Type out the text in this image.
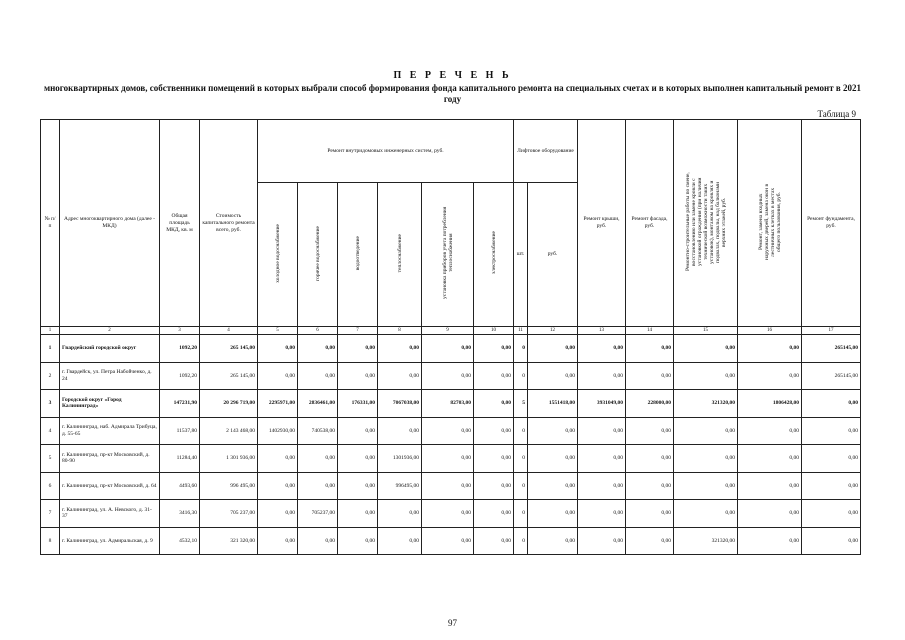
П Е Р Е Ч Е Н Ь
многоквартирных домов, собственники помещений в которых выбрали способ формирования фонда капитального ремонта на специальных счетах и в которых выполнен капитальный ремонт в 2021 году
Таблица 9
№ п/п	Адрес многоквартирного дома (далее - МКД)	Общая площадь МКД, кв. м	Стоимость капитального ремонта всего, руб.	Ремонт внутридомовых инженерных систем, руб.						Лифтовое оборудование		Ремонт крыши, руб.	Ремонт фасада, руб.	Ремонтно-строительные работы по смене, восстановлению или замене кровли с установкой ограждения (при наличии технической возможности таких установок), монтажом на кровлях и подвалах, подвалы, над балконами верхних этажей, руб.	Ремонт, замена входных наружных дверей, замена окон в лестничных клетках в местах общего пользования, руб.	Ремонт фундамента, руб.
				холодное водоснабжение	горячее водоснабжение	водоотведение	теплоснабжение	установка приборов учета потребления теплоснабжения	электроснабжение	шт.	руб.					
1	2	3	4	5	6	7	8	9	10	11	12	13	14	15	16	17
1	Гвардейский городской округ	1092,20	265 145,00	0,00	0,00	0,00	0,00	0,00	0,00	0	0,00	0,00	0,00	0,00	0,00	265145,00
2	г. Гвардейск, ул. Петра Набойченко, д. 24	1092,20	265 145,00	0,00	0,00	0,00	0,00	0,00	0,00	0	0,00	0,00	0,00	0,00	0,00	265145,00
3	Городской округ «Город Калининград»	147231,90	20 296 719,00	2295971,00	2836461,00	176331,00	7067038,00	82703,00	0,00	5	1551418,00	3931049,00	228000,00	321320,00	1806428,00	0,00
4	г. Калининград, наб. Адмирала Трибуца, д. 55-65	11537,80	2 143 468,00	1402930,00	740538,00	0,00	0,00	0,00	0,00	0	0,00	0,00	0,00	0,00	0,00	0,00
5	г. Калининград, пр-кт Московский, д. 80-90	11284,40	1 301 936,00	0,00	0,00	0,00	1301936,00	0,00	0,00	0	0,00	0,00	0,00	0,00	0,00	0,00
6	г. Калининград, пр-кт Московский, д. 64	4493,60	996 495,00	0,00	0,00	0,00	996495,00	0,00	0,00	0	0,00	0,00	0,00	0,00	0,00	0,00
7	г. Калининград, ул. А. Невского, д. 31-37	3416,30	705 237,00	0,00	705237,00	0,00	0,00	0,00	0,00	0	0,00	0,00	0,00	0,00	0,00	0,00
8	г. Калининград, ул. Адмиральская, д. 9	4532,10	321 320,00	0,00	0,00	0,00	0,00	0,00	0,00	0	0,00	0,00	0,00	321320,00	0,00	0,00
97
